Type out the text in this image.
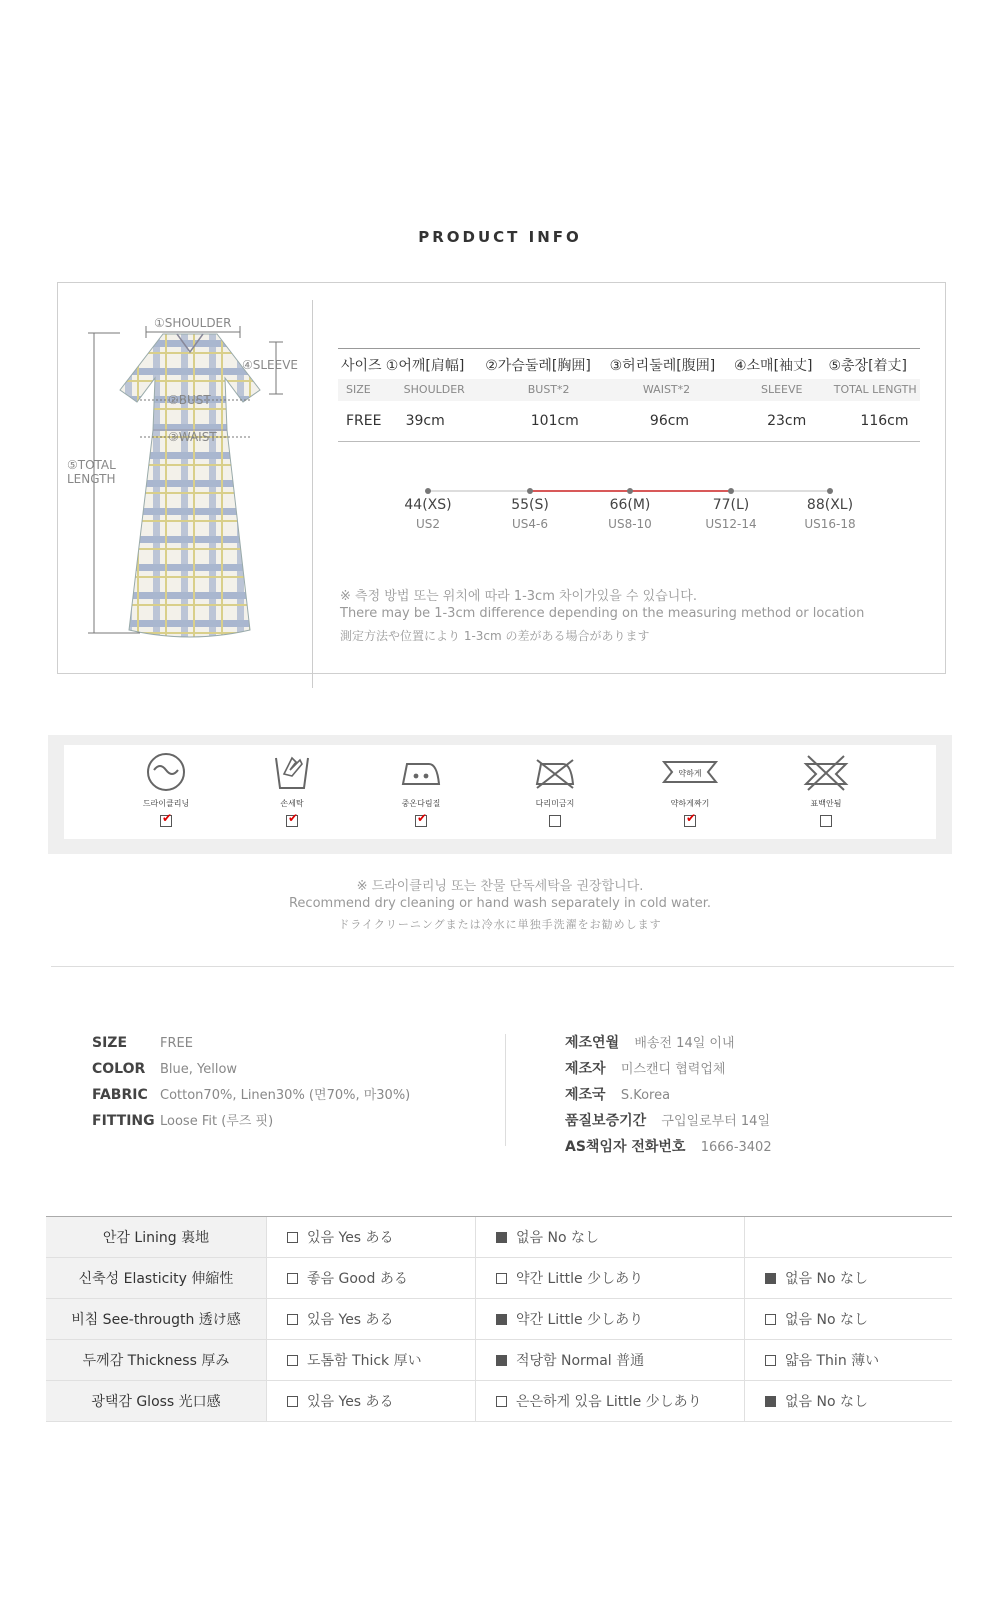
PRODUCT INFO
①SHOULDER
④SLEEVE
②BUST
③WAIST
⑤TOTAL
LENGTH
사이즈 ①어깨[肩幅]	②가슴둘레[胸囲]	③허리둘레[腹囲]	④소매[袖丈]	⑤총장[着丈]
SIZE	SHOULDER	BUST*2	WAIST*2	SLEEVE	TOTAL LENGTH
FREE	39cm	101cm	96cm	23cm	116cm
44(XS)	55(S)	66(M)	77(L)	88(XL)
US2	US4-6	US8-10	US12-14	US16-18
※ 측정 방법 또는 위치에 따라 1-3cm 차이가있을 수 있습니다.
There may be 1-3cm difference depending on the measuring method or location
測定方法や位置により 1-3cm の差がある場合があります
드라이클리닝
✔	손세탁
✔	중온다림질
✔	다리미금지
약하게
약하게짜기
✔	표백안됨
※ 드라이클리닝 또는 찬물 단독세탁을 권장합니다.
Recommend dry cleaning or hand wash separately in cold water.
ドライクリーニングまたは冷水に単独手洗濯をお勧めします
SIZE	FREE
COLOR Blue, Yellow
FABRIC Cotton70%, Linen30% (면70%, 마30%)
FITTING Loose Fit (루즈 핏)
제조연월 배송전 14일 이내
제조자 미스캔디 협력업체
제조국 S.Korea
품질보증기간 구입일로부터 14일
AS책임자 전화번호 1666-3402
안감 Lining 裏地	있음 Yes ある	없음 No なし
신축성 Elasticity 伸縮性	좋음 Good ある	약간 Little 少しあり	없음 No なし
비침 See-througth 透け感	있음 Yes ある	약간 Little 少しあり	없음 No なし
두께감 Thickness 厚み	도톰함 Thick 厚い	적당함 Normal 普通	얇음 Thin 薄い
광택감 Gloss 光口感	있음 Yes ある	은은하게 있음 Little 少しあり	없음 No なし
